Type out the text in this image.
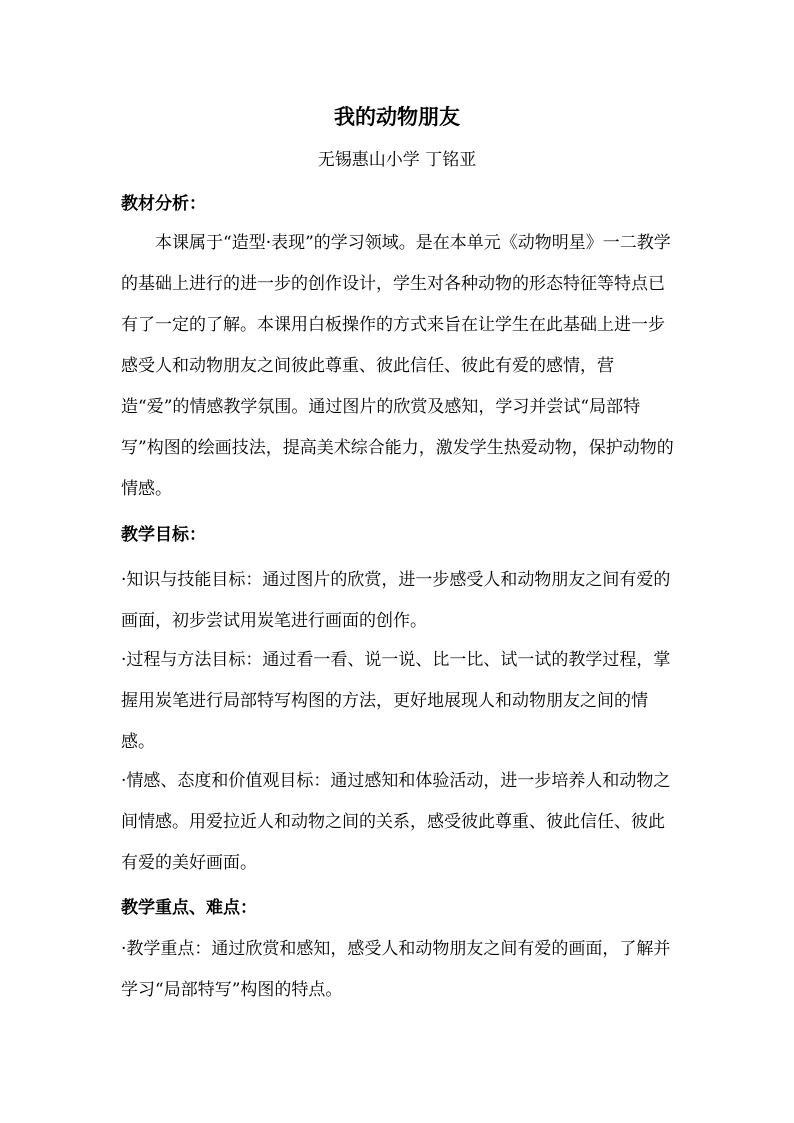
我的动物朋友
无锡惠山小学 丁铭亚
教材分析：

本课属于“造型·表现”的学习领域。是在本单元《动物明星》一二教学的基础上进行的进一步的创作设计，学生对各种动物的形态特征等特点已有了一定的了解。本课用白板操作的方式来旨在让学生在此基础上进一步感受人和动物朋友之间彼此尊重、彼此信任、彼此有爱的感情，营造“爱”的情感教学氛围。通过图片的欣赏及感知，学习并尝试“局部特写”构图的绘画技法，提高美术综合能力，激发学生热爱动物，保护动物的情感。

教学目标：

·知识与技能目标：通过图片的欣赏，进一步感受人和动物朋友之间有爱的画面，初步尝试用炭笔进行画面的创作。

·过程与方法目标：通过看一看、说一说、比一比、试一试的教学过程，掌握用炭笔进行局部特写构图的方法，更好地展现人和动物朋友之间的情感。

·情感、态度和价值观目标：通过感知和体验活动，进一步培养人和动物之间情感。用爱拉近人和动物之间的关系，感受彼此尊重、彼此信任、彼此有爱的美好画面。

教学重点、难点：

·教学重点：通过欣赏和感知，感受人和动物朋友之间有爱的画面，了解并学习“局部特写”构图的特点。
